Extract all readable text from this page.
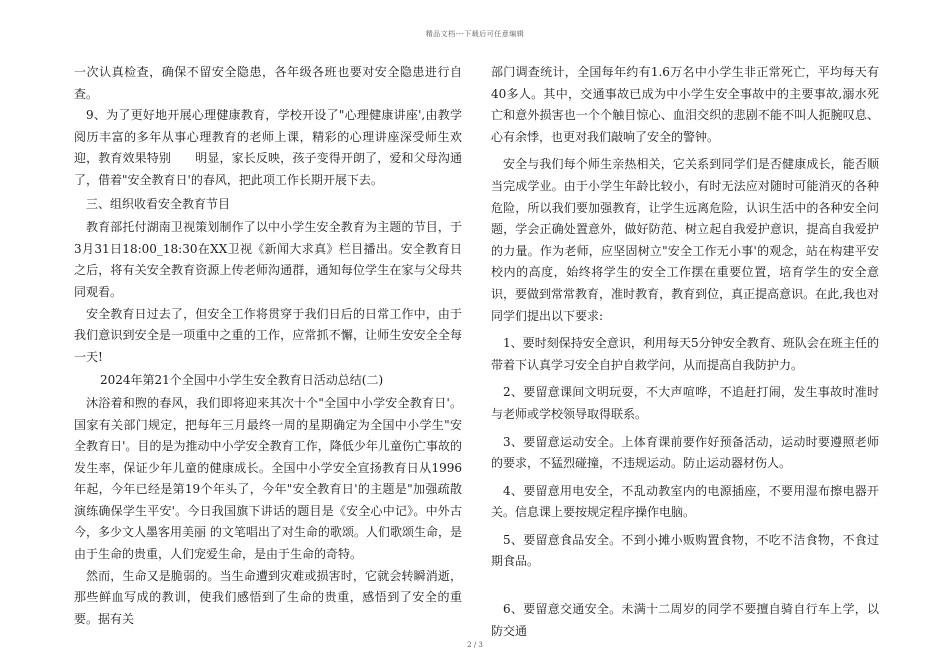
精品文档---下载后可任意编辑

一次认真检查，确保不留安全隐患，各年级各班也要对安全隐患进行自查。

9、为了更好地开展心理健康教育，学校开设了"心理健康讲座',由教学阅历丰富的多年从事心理教育的老师上课，精彩的心理讲座深受师生欢迎，教育效果特别　　明显，家长反映，孩子变得开朗了，爱和父母沟通了，借着"安全教育日'的春风，把此项工作长期开展下去。

三、组织收看安全教育节目

教育部托付湖南卫视策划制作了以中小学生安全教育为主题的节目，于3月31日18:00_18:30在XX卫视《新闻大求真》栏目播出。安全教育日之后，将有关安全教育资源上传老师沟通群，通知每位学生在家与父母共同观看。

安全教育日过去了，但安全工作将贯穿于我们日后的日常工作中，由于我们意识到安全是一项重中之重的工作，应常抓不懈，让师生安安全全每一天!

2024年第21个全国中小学生安全教育日活动总结(二)

沐浴着和煦的春风，我们即将迎来其次十个"全国中小学安全教育日'。国家有关部门规定，把每年三月最终一周的星期确定为全国中小学生"安全教育日'。目的是为推动中小学安全教育工作，降低少年儿童伤亡事故的发生率，保证少年儿童的健康成长。全国中小学安全宣扬教育日从1996年起，今年已经是第19个年头了，今年"安全教育日'的主题是"加强疏散演练确保学生平安'。今日我国旗下讲话的题目是《安全心中记》。中外古今，多少文人墨客用美丽 的文笔唱出了对生命的歌颂。人们歌颂生命，是由于生命的贵重，人们宠爱生命，是由于生命的奇特。

然而，生命又是脆弱的。当生命遭到灾难或损害时，它就会转瞬消逝，那些鲜血写成的教训，使我们感悟到了生命的贵重，感悟到了安全的重要。据有关

部门调查统计，全国每年约有1.6万名中小学生非正常死亡，平均每天有40多人。其中，交通事故已成为中小学生安全事故中的主要事故,溺水死亡和意外损害也一个个触目惊心、血泪交织的悲剧不能不叫人扼腕叹息、心有余悸，也更对我们敲响了安全的警钟。

安全与我们每个师生亲热相关，它关系到同学们是否健康成长，能否顺当完成学业。由于小学生年龄比较小，有时无法应对随时可能消灭的各种危险，所以我们要加强教育，让学生远离危险，认识生活中的各种安全问题，学会正确处置意外，做好防范、树立起自我爱护意识，提高自我爱护的力量。作为老师，应坚固树立"安全工作无小事'的观念，站在构建平安校内的高度，始终将学生的安全工作摆在重要位置，培育学生的安全意识，要做到常常教育，准时教育，教育到位，真正提高意识。在此,我也对同学们提出以下要求:

1、要时刻保持安全意识，利用每天5分钟安全教育、班队会在班主任的带着下认真学习安全自护自救学问，从而提高自我防护力。

2、要留意课间文明玩耍，不大声喧哗，不追赶打闹，发生事故时准时与老师或学校领导取得联系。

3、要留意运动安全。上体育课前要作好预备活动，运动时要遵照老师的要求，不猛烈碰撞，不违规运动。防止运动器材伤人。

4、要留意用电安全，不乱动教室内的电源插座，不要用湿布擦电器开关。信息课上要按规定程序操作电脑。

5、要留意食品安全。不到小摊小贩购置食物，不吃不洁食物，不食过期食品。

6、要留意交通安全。未满十二周岁的同学不要擅自骑自行车上学，以防交通

2 / 3
